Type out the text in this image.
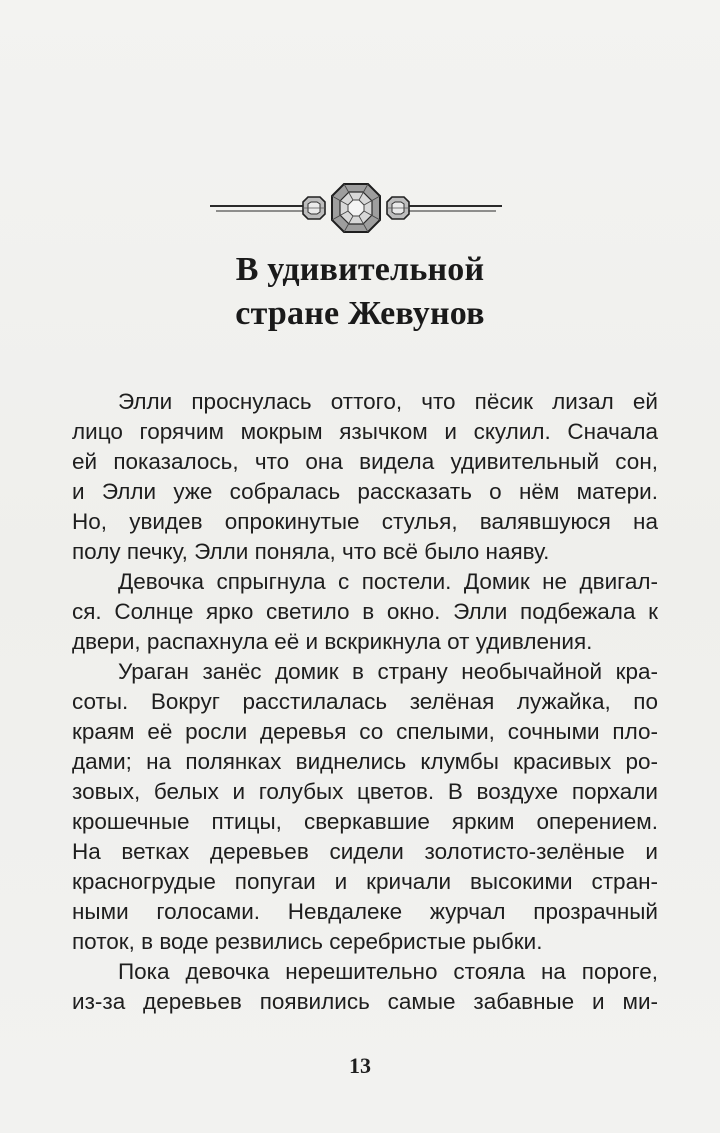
В удивительной
стране Жевунов

Элли проснулась оттого, что пёсик лизал ей
лицо горячим мокрым язычком и скулил. Сначала
ей показалось, что она видела удивительный сон,
и Элли уже собралась рассказать о нём матери.
Но, увидев опрокинутые стулья, валявшуюся на
полу печку, Элли поняла, что всё было наяву.

Девочка спрыгнула с постели. Домик не двигал-
ся. Солнце ярко светило в окно. Элли подбежала к
двери, распахнула её и вскрикнула от удивления.

Ураган занёс домик в страну необычайной кра-
соты. Вокруг расстилалась зелёная лужайка, по
краям её росли деревья со спелыми, сочными пло-
дами; на полянках виднелись клумбы красивых ро-
зовых, белых и голубых цветов. В воздухе порхали
крошечные птицы, сверкавшие ярким оперением.
На ветках деревьев сидели золотисто-зелёные и
красногрудые попугаи и кричали высокими стран-
ными голосами. Невдалеке журчал прозрачный
поток, в воде резвились серебристые рыбки.

Пока девочка нерешительно стояла на пороге,
из-за деревьев появились самые забавные и ми-

13
